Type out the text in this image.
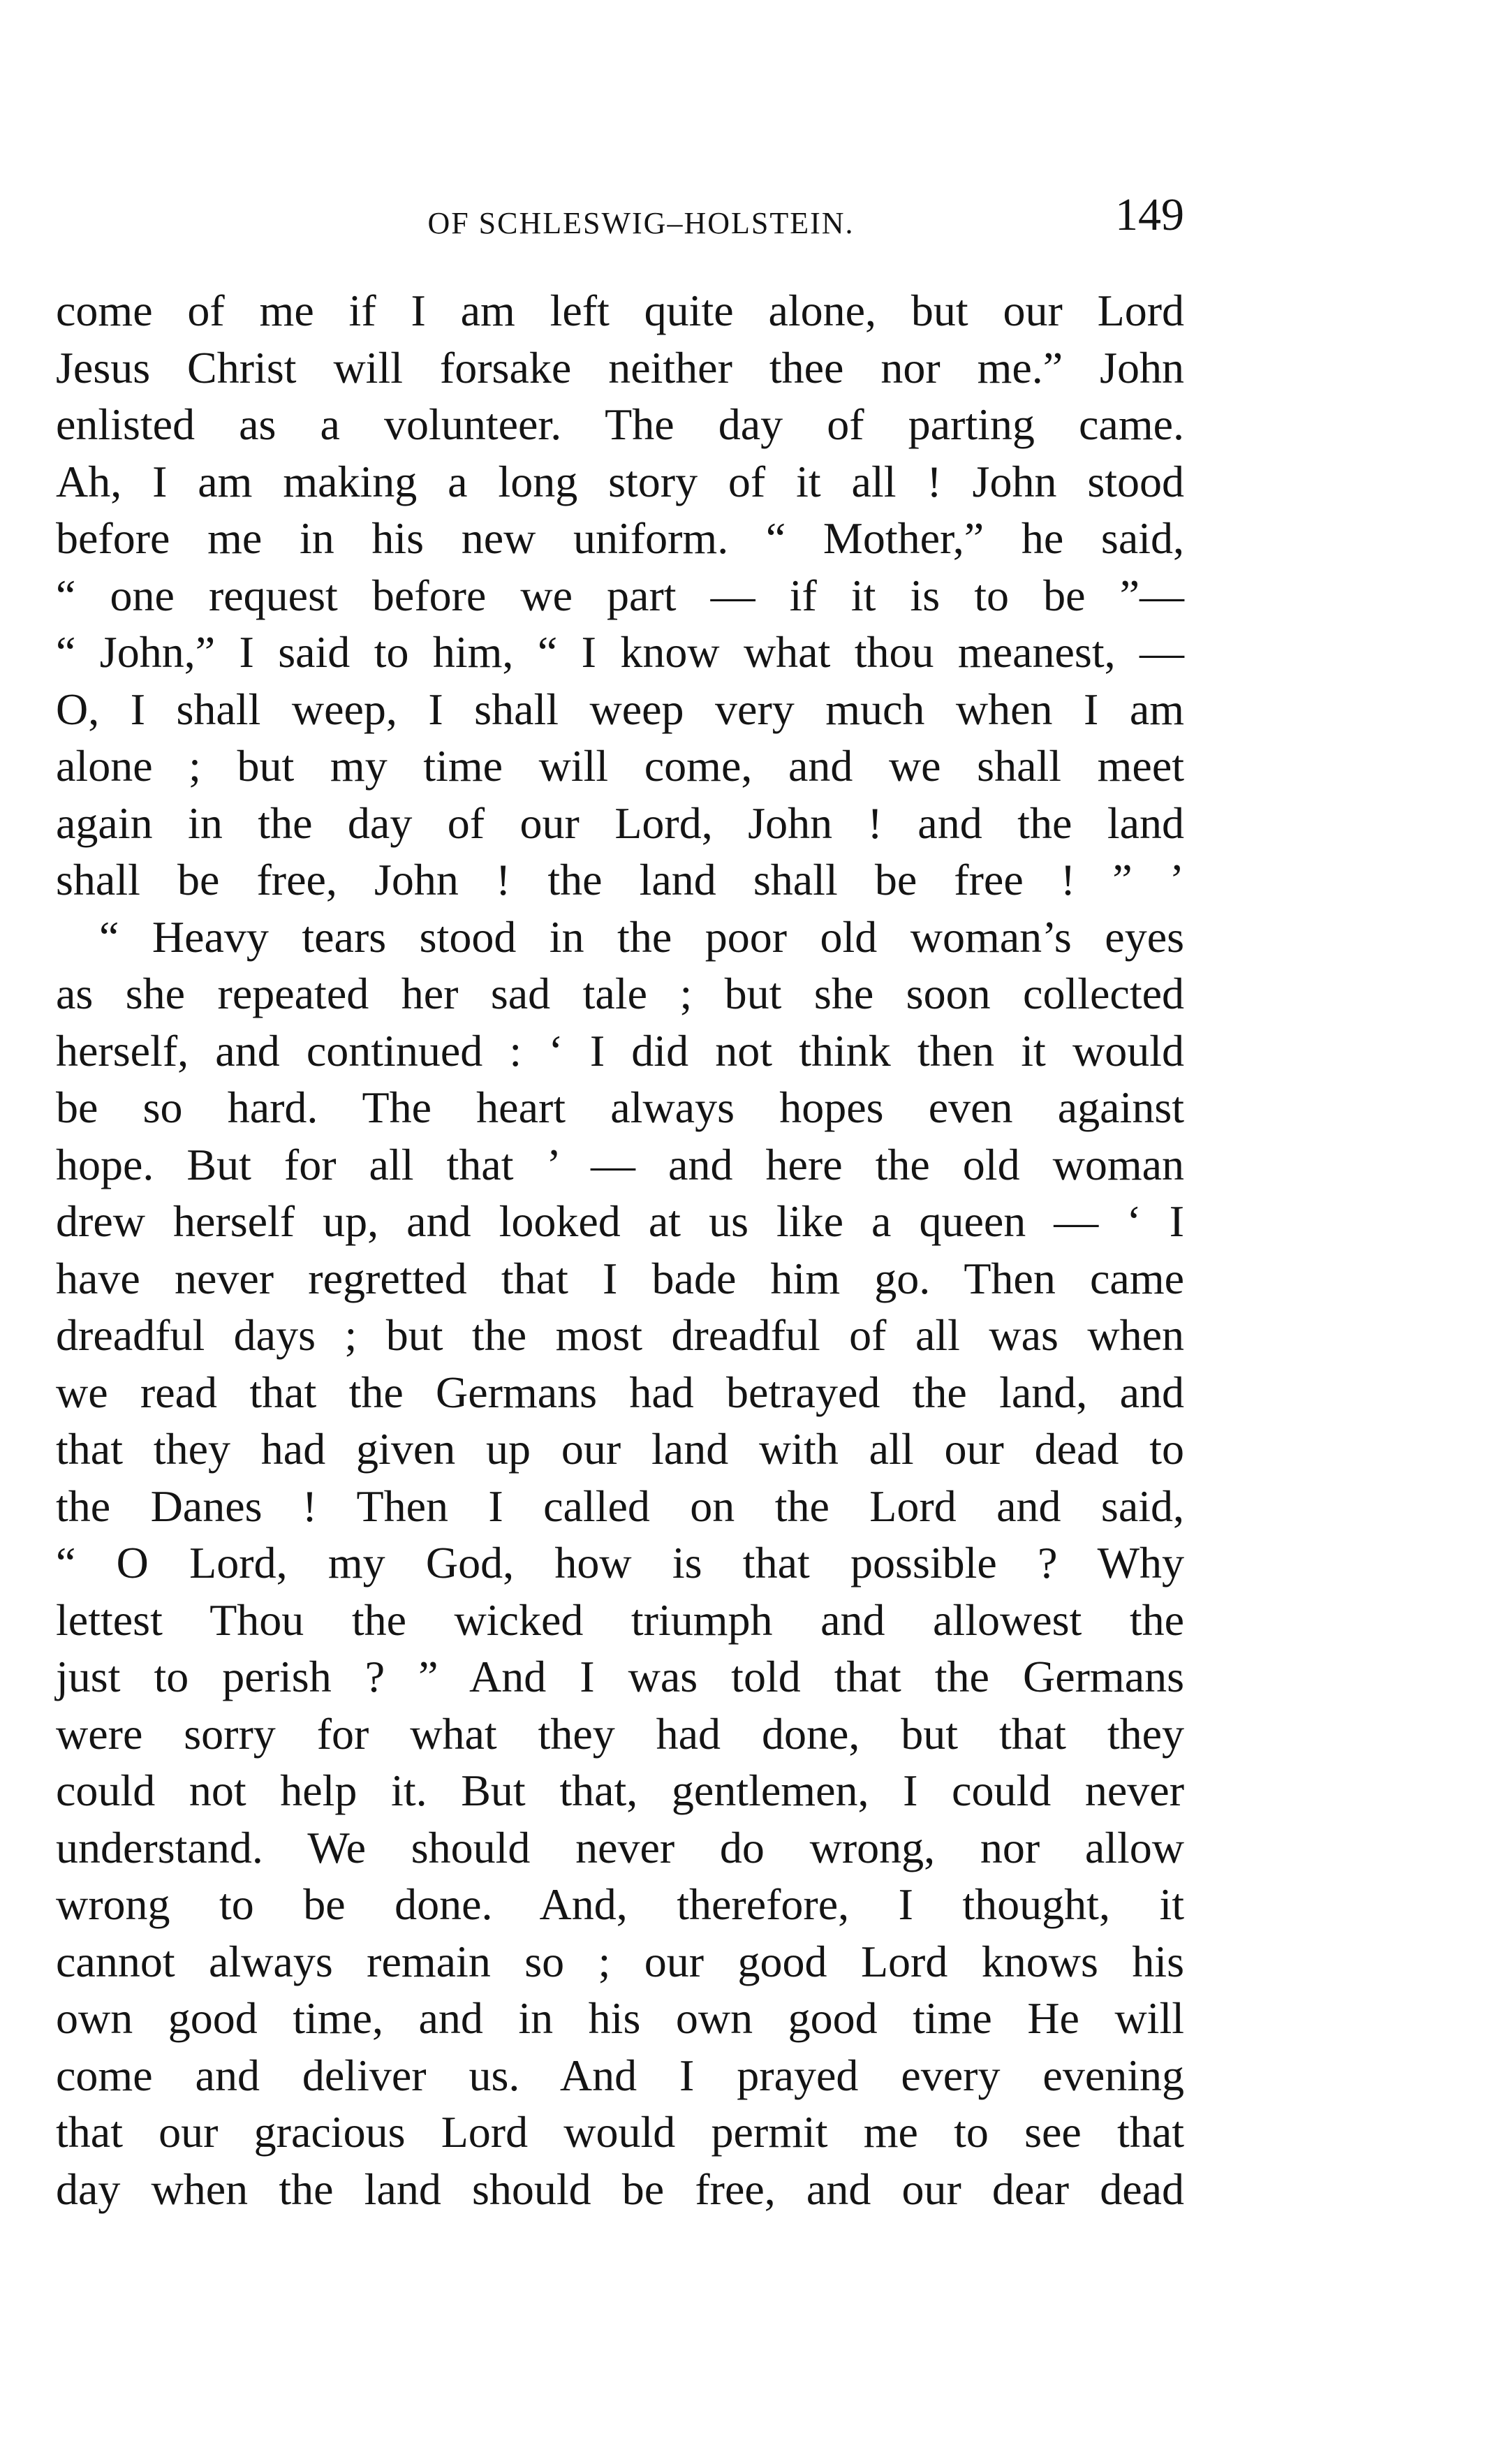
OF SCHLESWIG–HOLSTEIN.	149
come of me if I am left quite alone, but our Lord
Jesus Christ will forsake neither thee nor me.” John
enlisted as a volunteer. The day of parting came.
Ah, I am making a long story of it all ! John stood
before me in his new uniform. “ Mother,” he said,
“ one request before we part — if it is to be ”—
“ John,” I said to him, “ I know what thou meanest, —
O, I shall weep, I shall weep very much when I am
alone ; but my time will come, and we shall meet
again in the day of our Lord, John ! and the land
shall be free, John ! the land shall be free ! ” ’
“ Heavy tears stood in the poor old woman’s eyes
as she repeated her sad tale ; but she soon collected
herself, and continued : ‘ I did not think then it would
be so hard. The heart always hopes even against
hope. But for all that ’ — and here the old woman
drew herself up, and looked at us like a queen — ‘ I
have never regretted that I bade him go. Then came
dreadful days ; but the most dreadful of all was when
we read that the Germans had betrayed the land, and
that they had given up our land with all our dead to
the Danes ! Then I called on the Lord and said,
“ O Lord, my God, how is that possible ? Why
lettest Thou the wicked triumph and allowest the
just to perish ? ” And I was told that the Germans
were sorry for what they had done, but that they
could not help it. But that, gentlemen, I could never
understand. We should never do wrong, nor allow
wrong to be done. And, therefore, I thought, it
cannot always remain so ; our good Lord knows his
own good time, and in his own good time He will
come and deliver us. And I prayed every evening
that our gracious Lord would permit me to see that
day when the land should be free, and our dear dead
